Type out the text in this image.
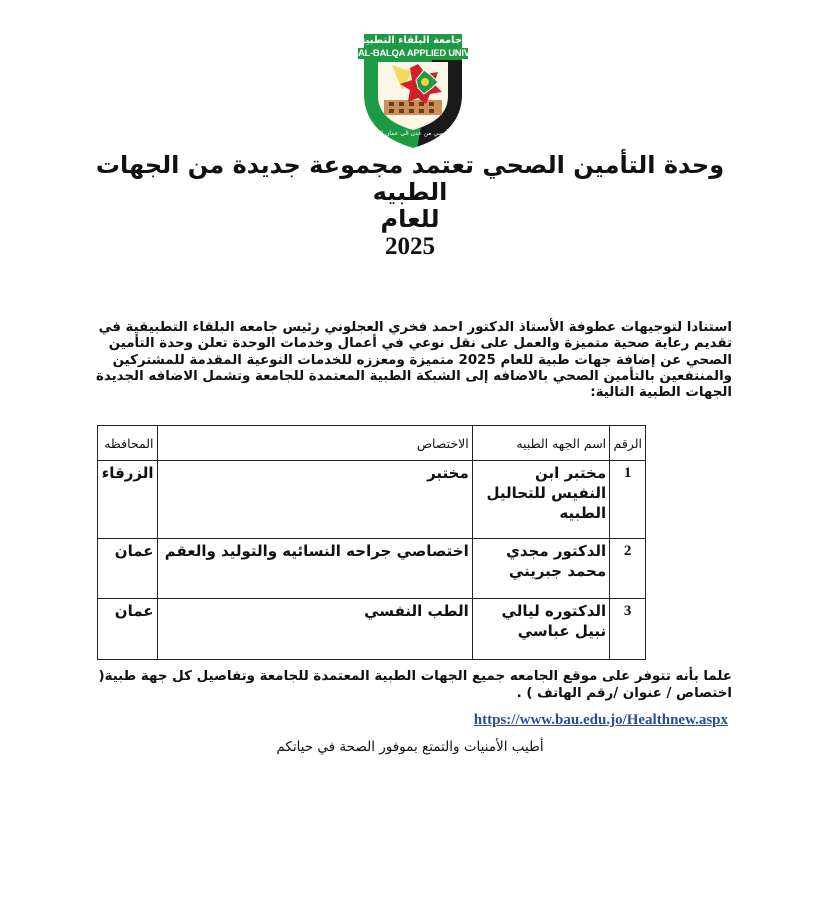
جامعة البلقاء التطبيقية
AL-BALQA APPLIED UNIVERSITY
أوصي من عدن الى عمان البلقاء
وحدة التأمين الصحي تعتمد مجموعة جديدة من الجهات الطبيه
للعام
2025
استنادا لتوجيهات عطوفة الأستاذ الدكتور احمد فخري العجلوني رئيس جامعه البلقاء التطبيقية في تقديم رعاية صحية متميزة والعمل على نقل نوعي في أعمال وخدمات الوحدة تعلن وحدة التأمين الصحي عن إضافة جهات طبية للعام 2025 متميزة ومعززه للخدمات النوعية المقدمة للمشتركين والمنتفعين بالتأمين الصحي بالاضافه إلى الشبكة الطبية المعتمدة للجامعة وتشمل الاضافه الجديدة الجهات الطبية التالية:
الرقم	اسم الجهه الطبيه	الاختصاص	المحافظه
1	مختبر ابن النفيس للتحاليل الطبيه	مختبر	الزرقاء
2	الدكتور مجدي محمد جبريني	اختصاصي جراحه النسائيه والتوليد والعقم	عمان
3	الدكتوره ليالي نبيل عباسي	الطب النفسي	عمان
علما بأنه تتوفر على موقع الجامعه جميع الجهات الطبية المعتمدة للجامعة وتفاصيل كل جهة طبية( اختصاص / عنوان /رقم الهاتف ) .
https://www.bau.edu.jo/Healthnew.aspx
أطيب الأمنيات والتمتع بموفور الصحة في حياتكم
